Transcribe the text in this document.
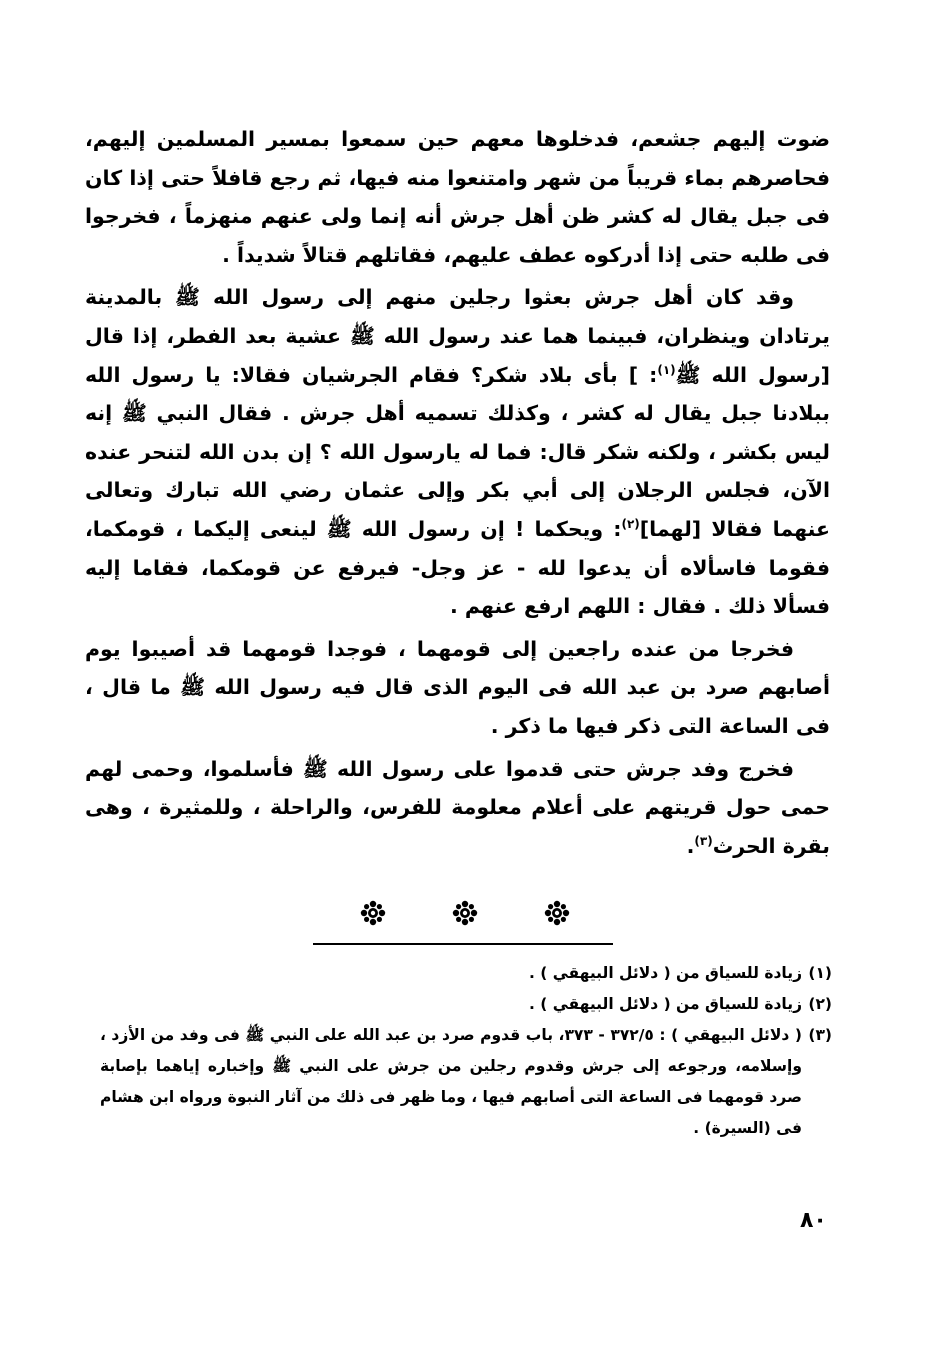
ضوت إليهم جشعم، فدخلوها معهم حين سمعوا بمسير المسلمين إليهم، فحاصرهم بماء قريباً من شهر وامتنعوا منه فيها، ثم رجع قافلاً حتى إذا كان فى جبل يقال له كشر ظن أهل جرش أنه إنما ولى عنهم منهزماً ، فخرجوا فى طلبه حتى إذا أدركوه عطف عليهم، فقاتلهم قتالاً شديداً .

وقد كان أهل جرش بعثوا رجلين منهم إلى رسول الله ﷺ بالمدينة يرتادان وينظران، فبينما هما عند رسول الله ﷺ عشية بعد الفطر، إذا قال [رسول الله ﷺ$^{(١)}$: ] بأى بلاد شكر؟ فقام الجرشيان فقالا: يا رسول الله ببلادنا جبل يقال له كشر ، وكذلك تسميه أهل جرش . فقال النبي ﷺ إنه ليس بكشر ، ولكنه شكر قال: فما له يارسول الله ؟ إن بدن الله لتنحر عنده الآن، فجلس الرجلان إلى أبي بكر وإلى عثمان رضي الله تبارك وتعالى عنهما فقالا [لهما]$^{(٢)}$: ويحكما ! إن رسول الله ﷺ لينعى إليكما ، قومكما، فقوما فاسألاه أن يدعوا لله - عز وجل- فيرفع عن قومكما، فقاما إليه فسألا ذلك . فقال : اللهم ارفع عنهم .

فخرجا من عنده راجعين إلى قومهما ، فوجدا قومهما قد أصيبوا يوم أصابهم صرد بن عبد الله فى اليوم الذى قال فيه رسول الله ﷺ ما قال ، فى الساعة التى ذكر فيها ما ذكر .

فخرج وفد جرش حتى قدموا على رسول الله ﷺ فأسلموا، وحمى لهم حمى حول قريتهم على أعلام معلومة للفرس، والراحلة ، وللمثيرة ، وهى بقرة الحرث$^{(٣)}$.

(١)زيادة للسياق من ( دلائل البيهقي ) .

(٢)زيادة للسياق من ( دلائل البيهقي ) .

(٣)( دلائل البيهقي ) : ٣٧٢/٥ - ٣٧٣، باب قدوم صرد بن عبد الله على النبي ﷺ فى وفد من الأزد ، وإسلامه، ورجوعه إلى جرش وقدوم رجلين من جرش على النبي ﷺ وإخباره إياهما بإصابة صرد قومهما فى الساعة التى أصابهم فيها ، وما ظهر فى ذلك من آثار النبوة ورواه ابن هشام فى (السيرة) .

٨٠
